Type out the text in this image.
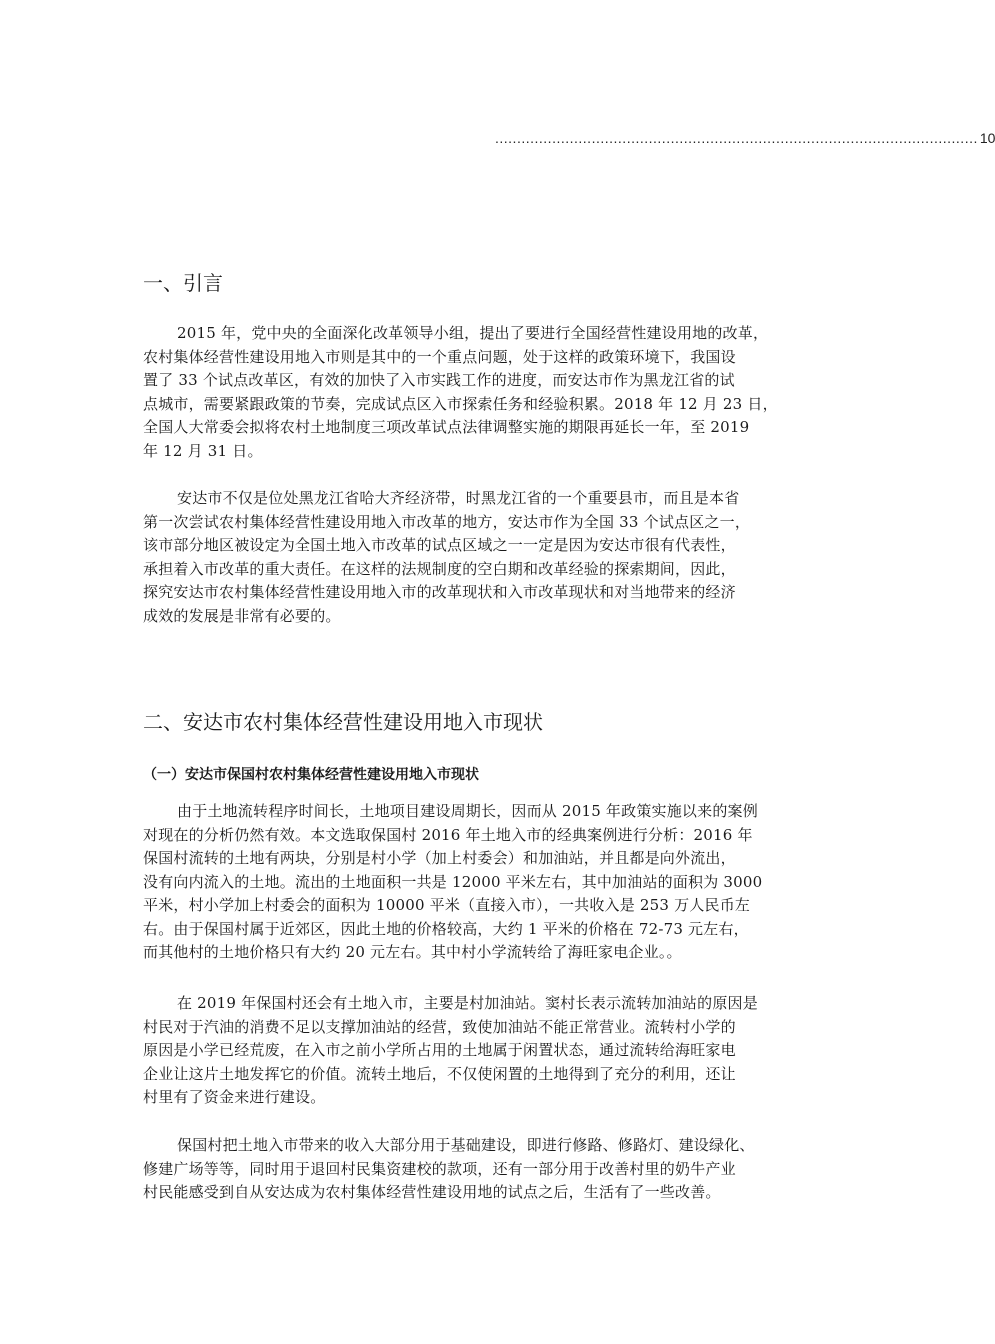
.............................................................................................................. 10
一、引言
2015 年，党中央的全面深化改革领导小组，提出了要进行全国经营性建设用地的改革，
农村集体经营性建设用地入市则是其中的一个重点问题，处于这样的政策环境下，我国设
置了 33 个试点改革区，有效的加快了入市实践工作的进度，而安达市作为黑龙江省的试
点城市，需要紧跟政策的节奏，完成试点区入市探索任务和经验积累。2018 年 12 月 23 日，
全国人大常委会拟将农村土地制度三项改革试点法律调整实施的期限再延长一年，至 2019
年 12 月 31 日。
安达市不仅是位处黑龙江省哈大齐经济带，时黑龙江省的一个重要县市，而且是本省
第一次尝试农村集体经营性建设用地入市改革的地方，安达市作为全国 33 个试点区之一，
该市部分地区被设定为全国土地入市改革的试点区域之一一定是因为安达市很有代表性，
承担着入市改革的重大责任。在这样的法规制度的空白期和改革经验的探索期间，因此，
探究安达市农村集体经营性建设用地入市的改革现状和入市改革现状和对当地带来的经济
成效的发展是非常有必要的。
二、安达市农村集体经营性建设用地入市现状
（一）安达市保国村农村集体经营性建设用地入市现状
由于土地流转程序时间长，土地项目建设周期长，因而从 2015 年政策实施以来的案例
对现在的分析仍然有效。本文选取保国村 2016 年土地入市的经典案例进行分析：2016 年
保国村流转的土地有两块，分别是村小学（加上村委会）和加油站，并且都是向外流出，
没有向内流入的土地。流出的土地面积一共是 12000 平米左右，其中加油站的面积为 3000
平米，村小学加上村委会的面积为 10000 平米（直接入市），一共收入是 253 万人民币左
右。由于保国村属于近郊区，因此土地的价格较高，大约 1 平米的价格在 72-73 元左右，
而其他村的土地价格只有大约 20 元左右。其中村小学流转给了海旺家电企业。。
在 2019 年保国村还会有土地入市，主要是村加油站。窦村长表示流转加油站的原因是
村民对于汽油的消费不足以支撑加油站的经营，致使加油站不能正常营业。流转村小学的
原因是小学已经荒废，在入市之前小学所占用的土地属于闲置状态，通过流转给海旺家电
企业让这片土地发挥它的价值。流转土地后，不仅使闲置的土地得到了充分的利用，还让
村里有了资金来进行建设。
保国村把土地入市带来的收入大部分用于基础建设，即进行修路、修路灯、建设绿化、
修建广场等等，同时用于退回村民集资建校的款项，还有一部分用于改善村里的奶牛产业
村民能感受到自从安达成为农村集体经营性建设用地的试点之后，生活有了一些改善。
